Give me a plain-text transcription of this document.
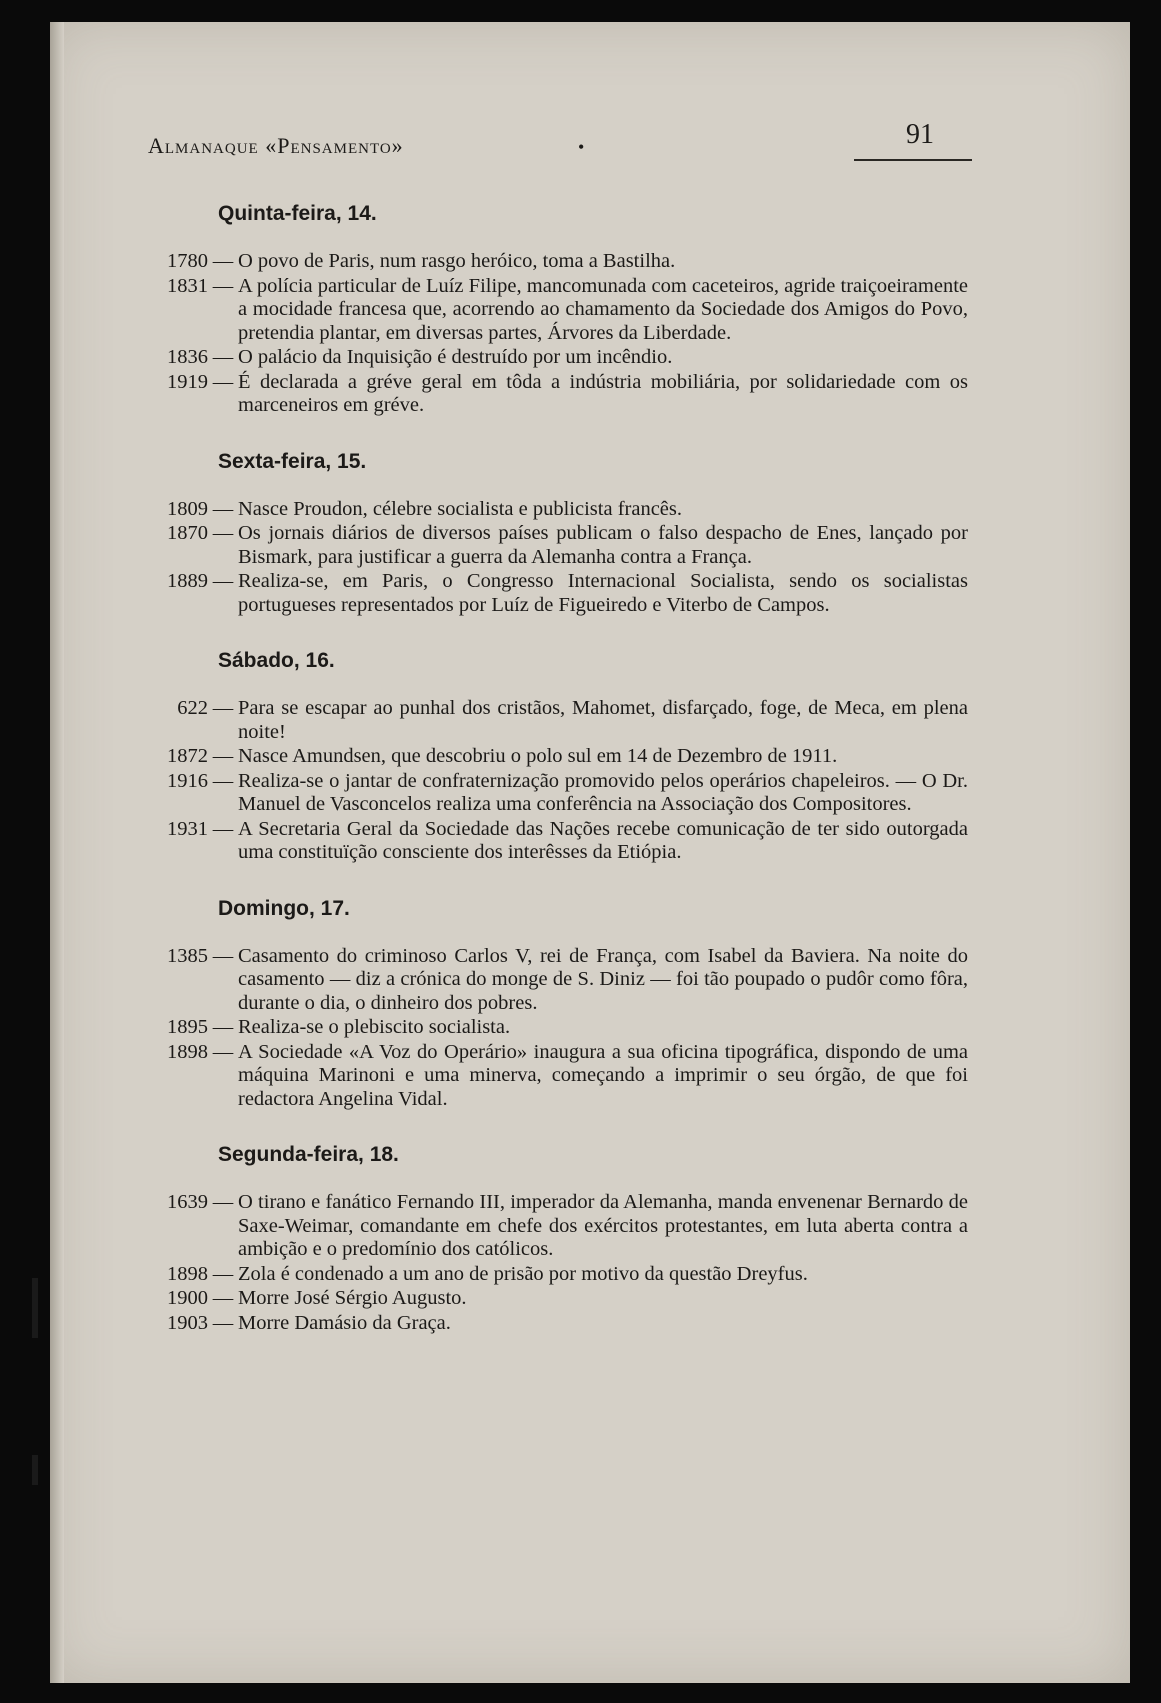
Almanaque «Pensamento»	•	91
Quinta-feira, 14.
1780 — O povo de Paris, num rasgo heróico, toma a Bastilha.
1831 — A polícia particular de Luíz Filipe, mancomunada com caceteiros, agride traiçoeiramente a mocidade francesa que, acorrendo ao chamamento da Sociedade dos Amigos do Povo, pretendia plantar, em diversas partes, Árvores da Liberdade.
1836 — O palácio da Inquisição é destruído por um incêndio.
1919 — É declarada a gréve geral em tôda a indústria mobiliária, por solidariedade com os marceneiros em gréve.
Sexta-feira, 15.
1809 — Nasce Proudon, célebre socialista e publicista francês.
1870 — Os jornais diários de diversos países publicam o falso despacho de Enes, lançado por Bismark, para justificar a guerra da Alemanha contra a França.
1889 — Realiza-se, em Paris, o Congresso Internacional Socialista, sendo os socialistas portugueses representados por Luíz de Figueiredo e Viterbo de Campos.
Sábado, 16.
622 — Para se escapar ao punhal dos cristãos, Mahomet, disfarçado, foge, de Meca, em plena noite!
1872 — Nasce Amundsen, que descobriu o polo sul em 14 de Dezembro de 1911.
1916 — Realiza-se o jantar de confraternização promovido pelos operários chapeleiros. — O Dr. Manuel de Vasconcelos realiza uma conferência na Associação dos Compositores.
1931 — A Secretaria Geral da Sociedade das Nações recebe comunicação de ter sido outorgada uma constituïção consciente dos interêsses da Etiópia.
Domingo, 17.
1385 — Casamento do criminoso Carlos V, rei de França, com Isabel da Baviera. Na noite do casamento — diz a crónica do monge de S. Diniz — foi tão poupado o pudôr como fôra, durante o dia, o dinheiro dos pobres.
1895 — Realiza-se o plebiscito socialista.
1898 — A Sociedade «A Voz do Operário» inaugura a sua oficina tipográfica, dispondo de uma máquina Marinoni e uma minerva, começando a imprimir o seu órgão, de que foi redactora Angelina Vidal.
Segunda-feira, 18.
1639 — O tirano e fanático Fernando III, imperador da Alemanha, manda envenenar Bernardo de Saxe-Weimar, comandante em chefe dos exércitos protestantes, em luta aberta contra a ambição e o predomínio dos católicos.
1898 — Zola é condenado a um ano de prisão por motivo da questão Dreyfus.
1900 — Morre José Sérgio Augusto.
1903 — Morre Damásio da Graça.
